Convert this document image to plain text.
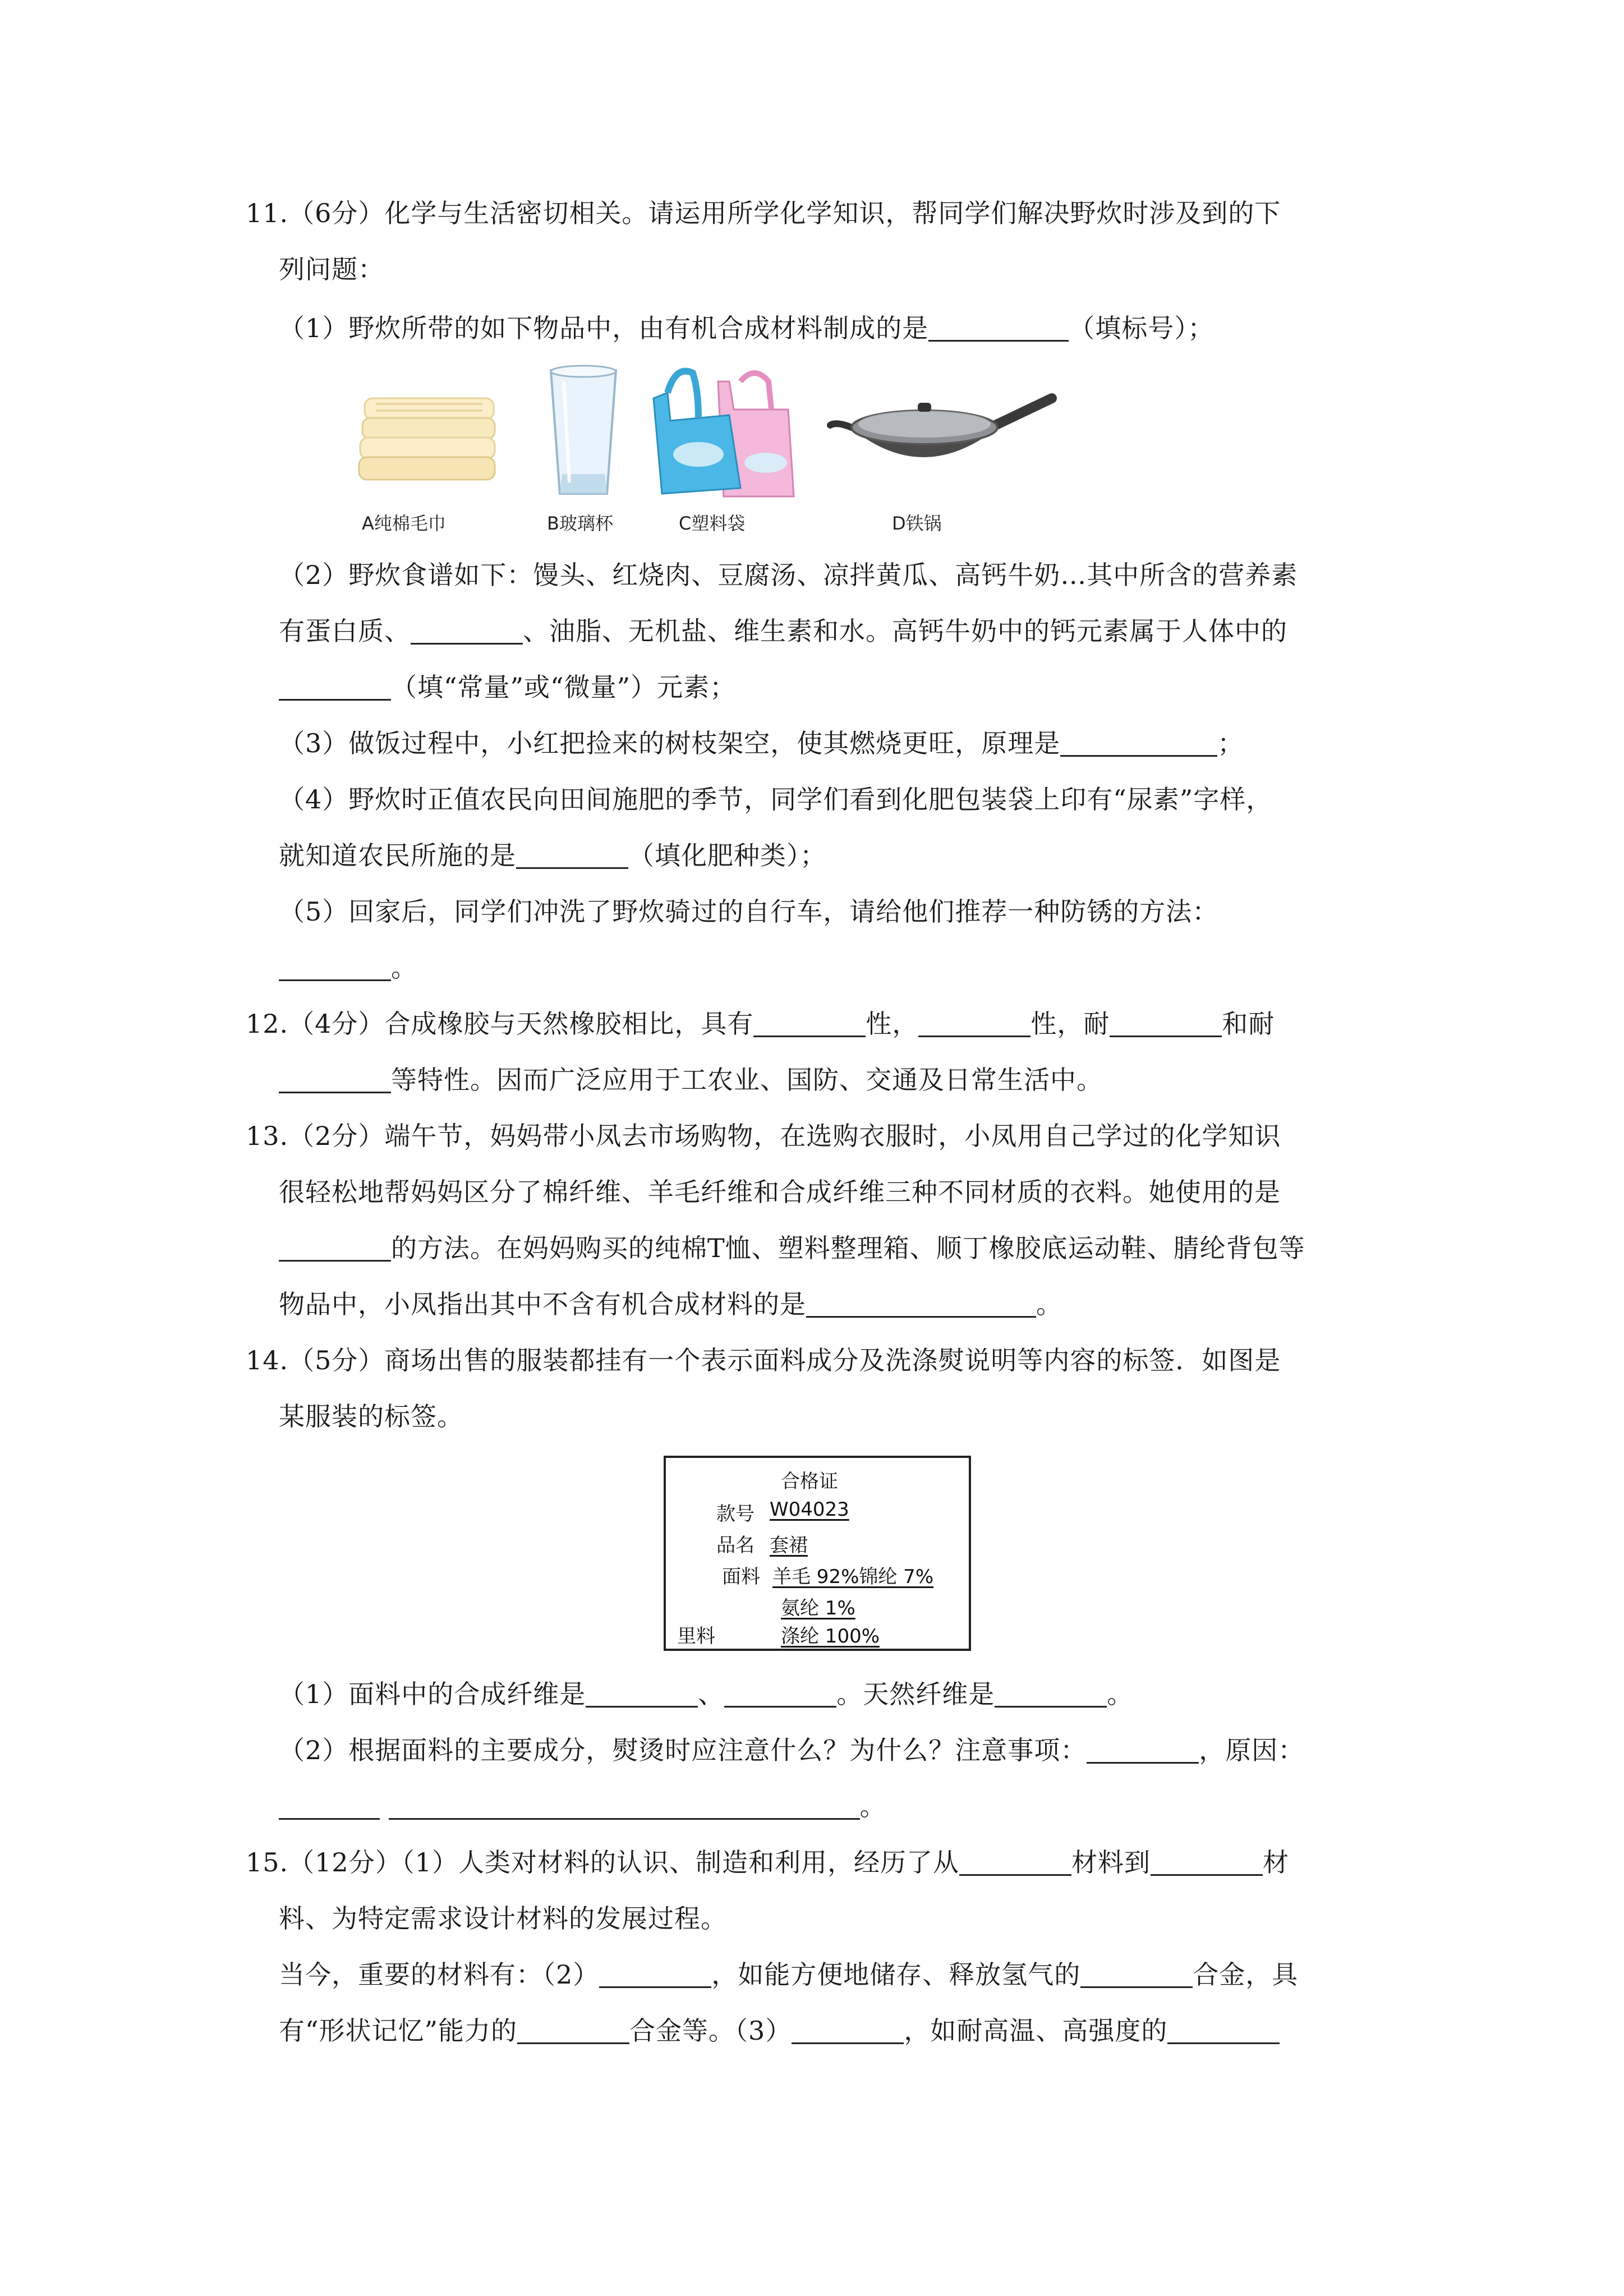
11.（6分）化学与生活密切相关。请运用所学化学知识，帮同学们解决野炊时涉及到的下
列问题：
（1）野炊所带的如下物品中，由有机合成材料制成的是	（填标号）；
A纯棉毛巾	B玻璃杯	C塑料袋	D铁锅
（2）野炊食谱如下：馒头、红烧肉、豆腐汤、凉拌黄瓜、高钙牛奶…其中所含的营养素
有蛋白质、	、油脂、无机盐、维生素和水。高钙牛奶中的钙元素属于人体中的
（填“常量”或“微量”）元素；
（3）做饭过程中，小红把捡来的树枝架空，使其燃烧更旺，原理是	；
（4）野炊时正值农民向田间施肥的季节，同学们看到化肥包装袋上印有“尿素”字样，
就知道农民所施的是	（填化肥种类）；
（5）回家后，同学们冲洗了野炊骑过的自行车，请给他们推荐一种防锈的方法：
。
12.（4分）合成橡胶与天然橡胶相比，具有	性，	性，耐	和耐
等特性。因而广泛应用于工农业、国防、交通及日常生活中。
13.（2分）端午节，妈妈带小凤去市场购物，在选购衣服时，小凤用自己学过的化学知识
很轻松地帮妈妈区分了棉纤维、羊毛纤维和合成纤维三种不同材质的衣料。她使用的是
的方法。在妈妈购买的纯棉T恤、塑料整理箱、顺丁橡胶底运动鞋、腈纶背包等
物品中，小凤指出其中不含有机合成材料的是	。
14.（5分）商场出售的服装都挂有一个表示面料成分及洗涤熨说明等内容的标签．如图是
某服装的标签。
合格证
款号 W04023
品名 套裙
面料 羊毛 92%锦纶 7%
氨纶 1%
里料	涤纶 100%
（1）面料中的合成纤维是	、	。天然纤维是	。
（2）根据面料的主要成分，熨烫时应注意什么？为什么？注意事项：	，原因：
。
15.（12分）（1）人类对材料的认识、制造和利用，经历了从	材料到	材
料、为特定需求设计材料的发展过程。
当今，重要的材料有：（2）	，如能方便地储存、释放氢气的	合金，具
有“形状记忆”能力的	合金等。（3）	，如耐高温、高强度的
